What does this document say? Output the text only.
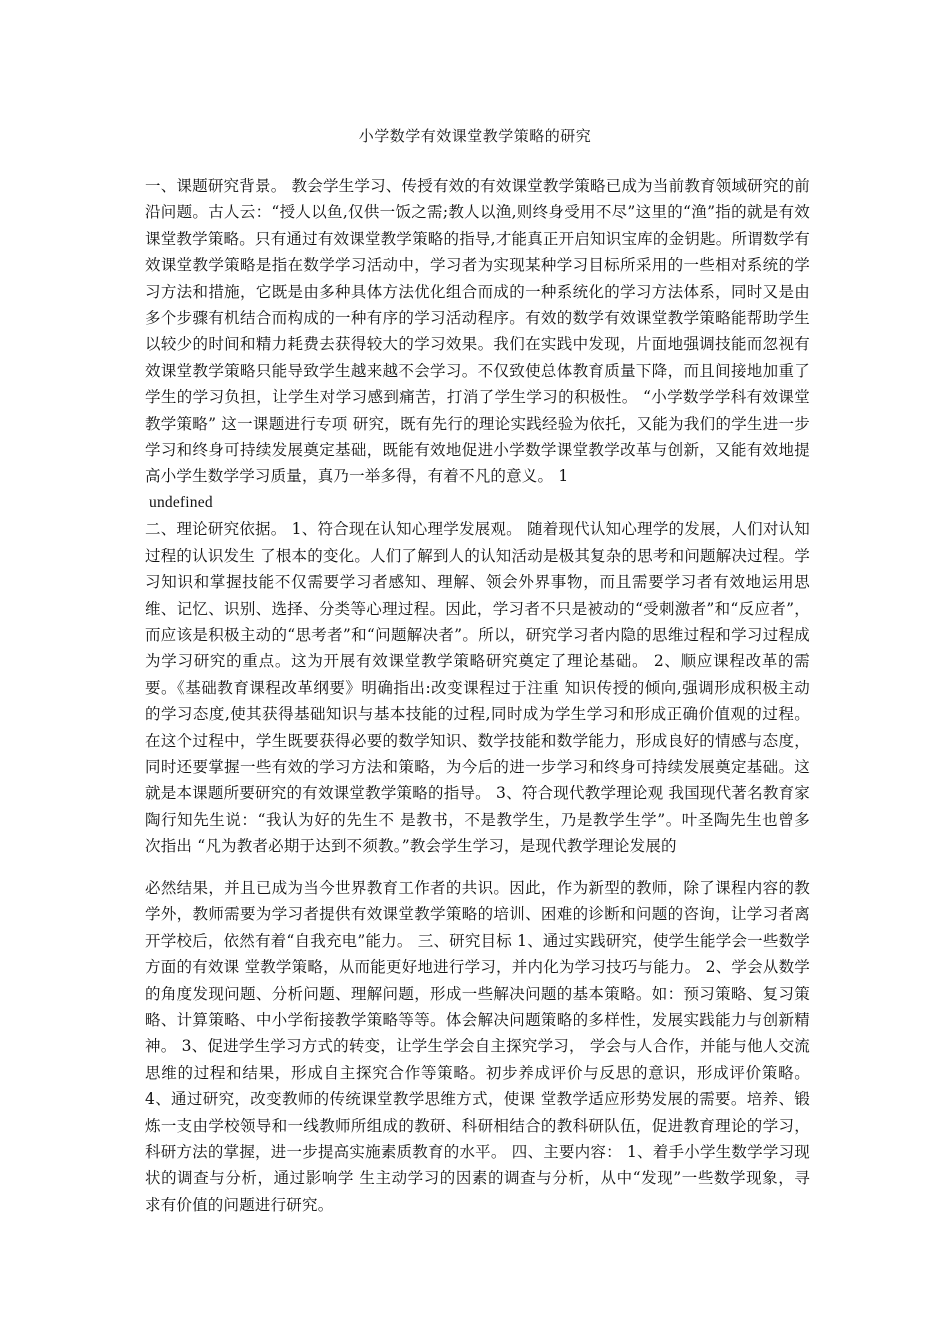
小学数学有效课堂教学策略的研究

一、课题研究背景。 教会学生学习、传授有效的有效课堂教学策略已成为当前教育领域研究的前沿问题。古人云：“授人以鱼,仅供一饭之需;教人以渔,则终身受用不尽”这里的“渔”指的就是有效课堂教学策略。只有通过有效课堂教学策略的指导,才能真正开启知识宝库的金钥匙。所谓数学有效课堂教学策略是指在数学学习活动中，学习者为实现某种学习目标所采用的一些相对系统的学习方法和措施，它既是由多种具体方法优化组合而成的一种系统化的学习方法体系，同时又是由多个步骤有机结合而构成的一种有序的学习活动程序。有效的数学有效课堂教学策略能帮助学生以较少的时间和精力耗费去获得较大的学习效果。我们在实践中发现，片面地强调技能而忽视有效课堂教学策略只能导致学生越来越不会学习。不仅致使总体教育质量下降，而且间接地加重了学生的学习负担，让学生对学习感到痛苦，打消了学生学习的积极性。 “小学数学学科有效课堂教学策略” 这一课题进行专项 研究，既有先行的理论实践经验为依托，又能为我们的学生进一步学习和终身可持续发展奠定基础，既能有效地促进小学数学课堂教学改革与创新，又能有效地提高小学生数学学习质量，真乃一举多得，有着不凡的意义。 1

undefined

二、理论研究依据。 1、符合现在认知心理学发展观。 随着现代认知心理学的发展，人们对认知过程的认识发生 了根本的变化。人们了解到人的认知活动是极其复杂的思考和问题解决过程。学习知识和掌握技能不仅需要学习者感知、理解、领会外界事物，而且需要学习者有效地运用思维、记忆、识别、选择、分类等心理过程。因此，学习者不只是被动的“受刺激者”和“反应者”，而应该是积极主动的“思考者”和“问题解决者”。所以，研究学习者内隐的思维过程和学习过程成为学习研究的重点。这为开展有效课堂教学策略研究奠定了理论基础。 2、顺应课程改革的需要。《基础教育课程改革纲要》明确指出:改变课程过于注重 知识传授的倾向,强调形成积极主动的学习态度,使其获得基础知识与基本技能的过程,同时成为学生学习和形成正确价值观的过程。在这个过程中，学生既要获得必要的数学知识、数学技能和数学能力，形成良好的情感与态度，同时还要掌握一些有效的学习方法和策略，为今后的进一步学习和终身可持续发展奠定基础。这就是本课题所要研究的有效课堂教学策略的指导。 3、符合现代教学理论观 我国现代著名教育家陶行知先生说：“我认为好的先生不 是教书，不是教学生，乃是教学生学”。叶圣陶先生也曾多次指出 “凡为教者必期于达到不须教。”教会学生学习，是现代教学理论发展的

必然结果，并且已成为当今世界教育工作者的共识。因此，作为新型的教师，除了课程内容的教学外，教师需要为学习者提供有效课堂教学策略的培训、困难的诊断和问题的咨询，让学习者离开学校后，依然有着“自我充电”能力。 三、研究目标 1、通过实践研究，使学生能学会一些数学方面的有效课 堂教学策略，从而能更好地进行学习，并内化为学习技巧与能力。 2、学会从数学的角度发现问题、分析问题、理解问题，形成一些解决问题的基本策略。如：预习策略、复习策略、计算策略、中小学衔接教学策略等等。体会解决问题策略的多样性，发展实践能力与创新精神。 3、促进学生学习方式的转变，让学生学会自主探究学习， 学会与人合作，并能与他人交流思维的过程和结果，形成自主探究合作等策略。初步养成评价与反思的意识，形成评价策略。 4、通过研究，改变教师的传统课堂教学思维方式，使课 堂教学适应形势发展的需要。培养、锻炼一支由学校领导和一线教师所组成的教研、科研相结合的教科研队伍，促进教育理论的学习，科研方法的掌握，进一步提高实施素质教育的水平。 四、主要内容： 1、着手小学生数学学习现状的调查与分析，通过影响学 生主动学习的因素的调查与分析，从中“发现”一些数学现象，寻求有价值的问题进行研究。
